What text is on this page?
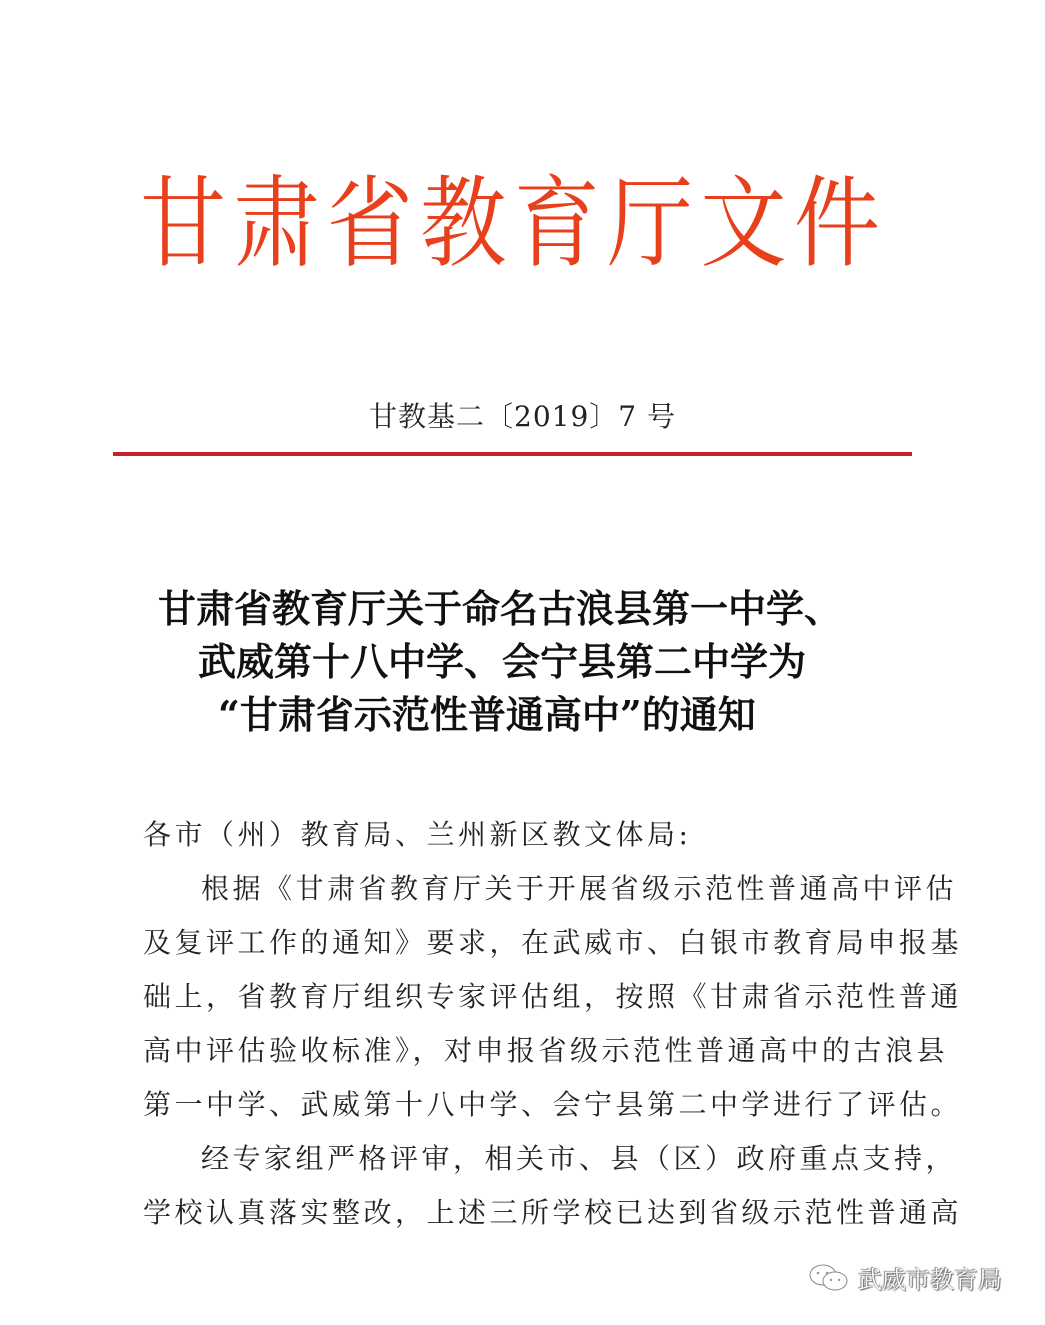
甘 肃 省 教 育 厅 文 件
甘教基二〔2019〕7 号
甘肃省教育厅关于命名古浪县第一中学、
武威第十八中学、会宁县第二中学为
“甘肃省示范性普通高中”的通知
各市（州）教育局、兰州新区教文体局:
根据《甘肃省教育厅关于开展省级示范性普通高中评估
及复评工作的通知》要求，在武威市、白银市教育局申报基
础上，省教育厅组织专家评估组，按照《甘肃省示范性普通
高中评估验收标准》，对申报省级示范性普通高中的古浪县
第一中学、武威第十八中学、会宁县第二中学进行了评估。
经专家组严格评审，相关市、县（区）政府重点支持，
学校认真落实整改，上述三所学校已达到省级示范性普通高
武威市教育局
